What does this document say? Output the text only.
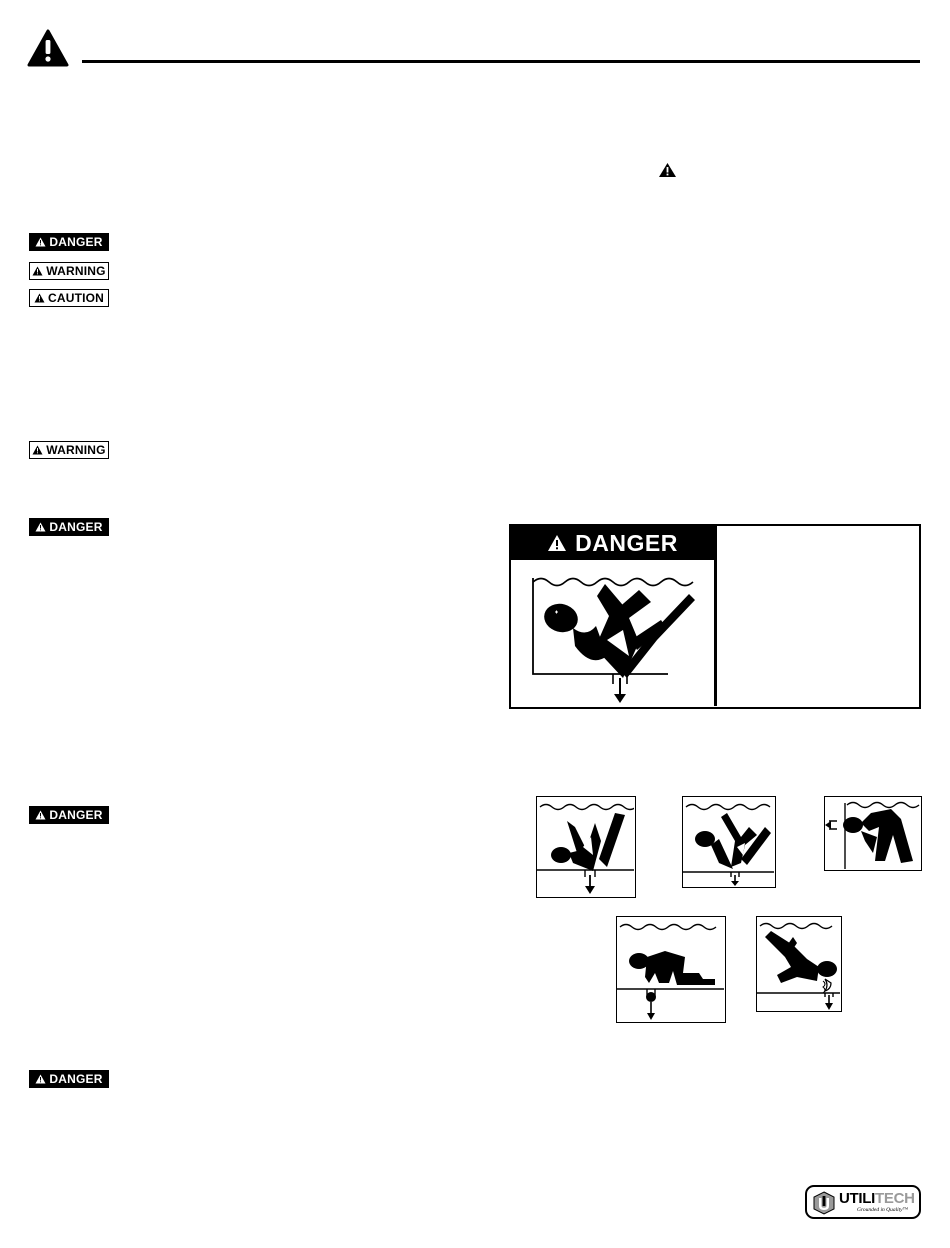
DANGER
WARNING
CAUTION
WARNING
DANGER
DANGER
DANGER
DANGER
UTILITECH
Grounded in Quality™
